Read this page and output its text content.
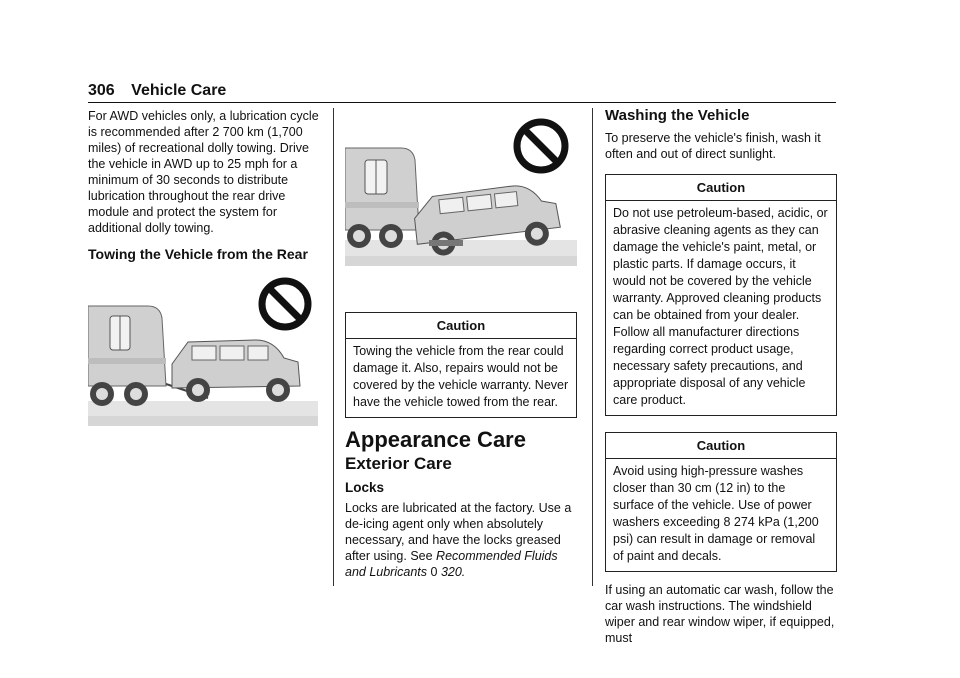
306 Vehicle Care

For AWD vehicles only, a lubrication cycle is recommended after 2 700 km (1,700 miles) of recreational dolly towing. Drive the vehicle in AWD up to 25 mph for a minimum of 30 seconds to distribute lubrication throughout the rear drive module and protect the system for additional dolly towing.

Towing the Vehicle from the Rear
Caution
Towing the vehicle from the rear could damage it. Also, repairs would not be covered by the vehicle warranty. Never have the vehicle towed from the rear.
Appearance Care
Exterior Care
Locks

Locks are lubricated at the factory. Use a de-icing agent only when absolutely necessary, and have the locks greased after using. See Recommended Fluids and Lubricants 0 320.

Washing the Vehicle

To preserve the vehicle's finish, wash it often and out of direct sunlight.

Caution
Do not use petroleum-based, acidic, or abrasive cleaning agents as they can damage the vehicle's paint, metal, or plastic parts. If damage occurs, it would not be covered by the vehicle warranty. Approved cleaning products can be obtained from your dealer. Follow all manufacturer directions regarding correct product usage, necessary safety precautions, and appropriate disposal of any vehicle care product.
Caution
Avoid using high-pressure washes closer than 30 cm (12 in) to the surface of the vehicle. Use of power washers exceeding 8 274 kPa (1,200 psi) can result in damage or removal of paint and decals.

If using an automatic car wash, follow the car wash instructions. The windshield wiper and rear window wiper, if equipped, must
